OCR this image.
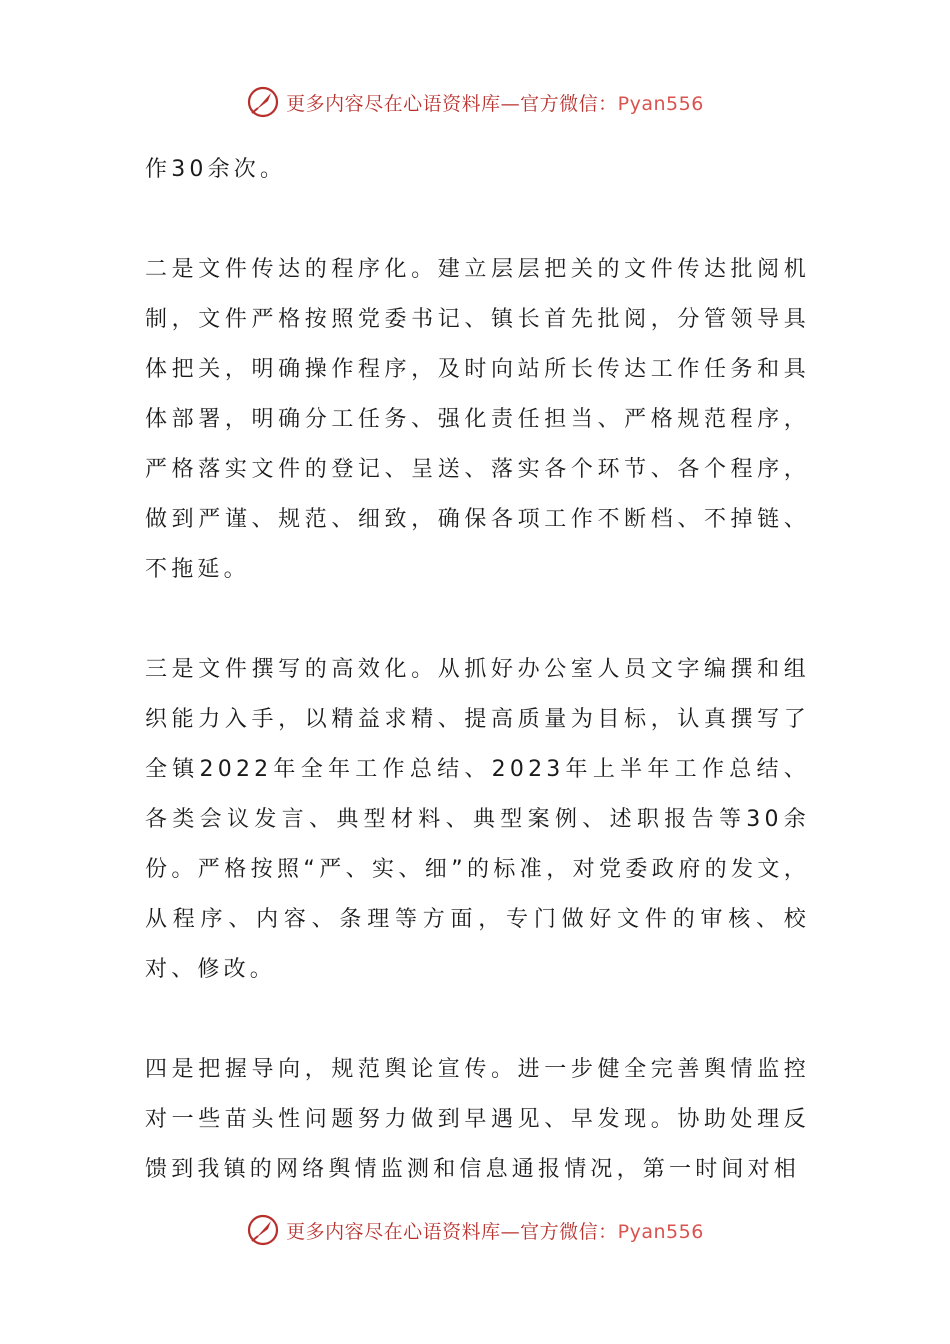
更多内容尽在心语资料库—官方微信：Pyan556

作30余次。

二是文件传达的程序化。建立层层把关的文件传达批阅机制，文件严格按照党委书记、镇长首先批阅，分管领导具体把关，明确操作程序，及时向站所长传达工作任务和具体部署，明确分工任务、强化责任担当、严格规范程序，严格落实文件的登记、呈送、落实各个环节、各个程序，做到严谨、规范、细致，确保各项工作不断档、不掉链、不拖延。

三是文件撰写的高效化。从抓好办公室人员文字编撰和组织能力入手，以精益求精、提高质量为目标，认真撰写了全镇2022年全年工作总结、2023年上半年工作总结、各类会议发言、典型材料、典型案例、述职报告等30余份。严格按照“严、实、细”的标准，对党委政府的发文，从程序、内容、条理等方面，专门做好文件的审核、校对、修改。

四是把握导向，规范舆论宣传。进一步健全完善舆情监控对一些苗头性问题努力做到早遇见、早发现。协助处理反馈到我镇的网络舆情监测和信息通报情况，第一时间对相

更多内容尽在心语资料库—官方微信：Pyan556
